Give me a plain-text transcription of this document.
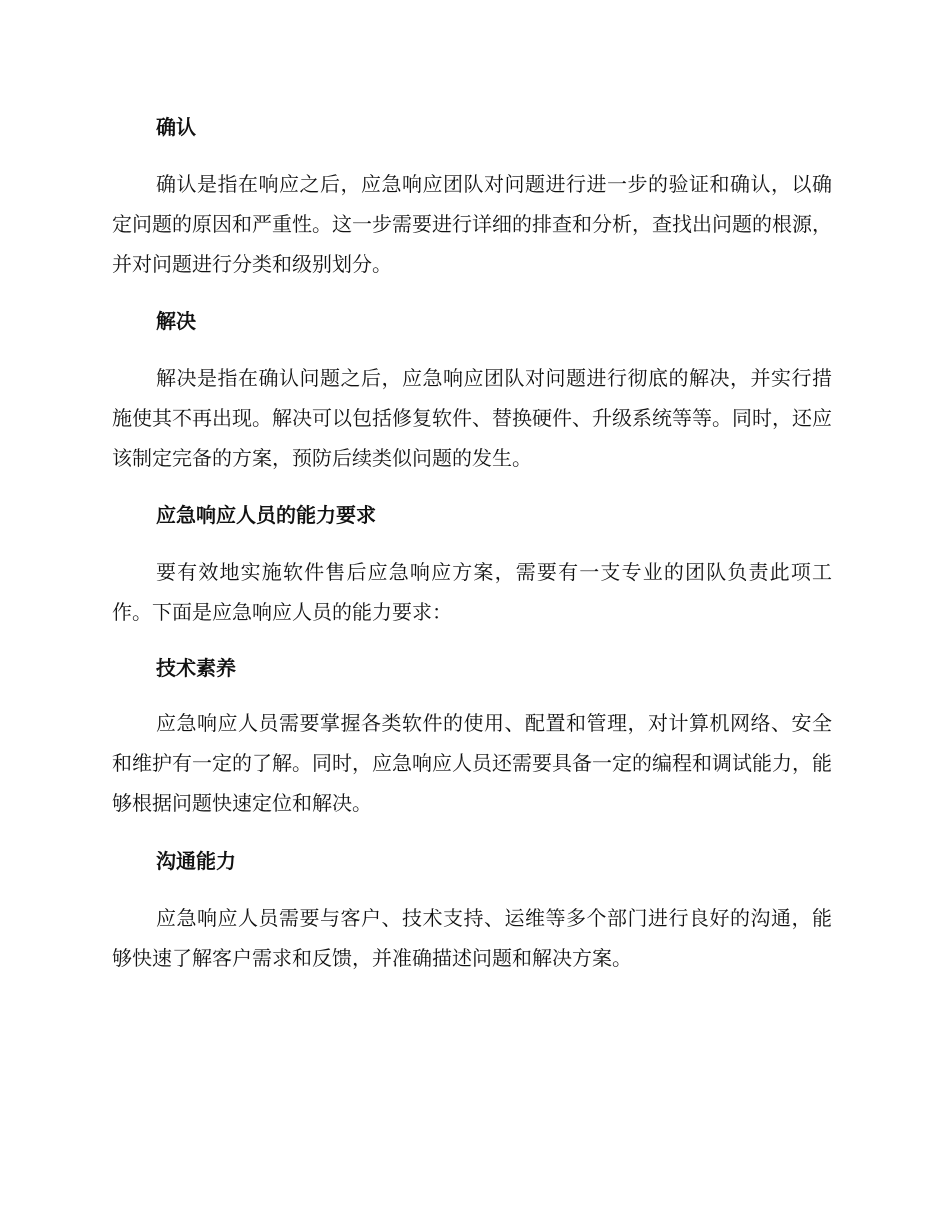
确认

确认是指在响应之后，应急响应团队对问题进行进一步的验证和确认，以确定问题的原因和严重性。这一步需要进行详细的排查和分析，查找出问题的根源，并对问题进行分类和级别划分。

解决

解决是指在确认问题之后，应急响应团队对问题进行彻底的解决，并实行措施使其不再出现。解决可以包括修复软件、替换硬件、升级系统等等。同时，还应该制定完备的方案，预防后续类似问题的发生。

应急响应人员的能力要求

要有效地实施软件售后应急响应方案，需要有一支专业的团队负责此项工作。下面是应急响应人员的能力要求：

技术素养

应急响应人员需要掌握各类软件的使用、配置和管理，对计算机网络、安全和维护有一定的了解。同时，应急响应人员还需要具备一定的编程和调试能力，能够根据问题快速定位和解决。

沟通能力

应急响应人员需要与客户、技术支持、运维等多个部门进行良好的沟通，能够快速了解客户需求和反馈，并准确描述问题和解决方案。
